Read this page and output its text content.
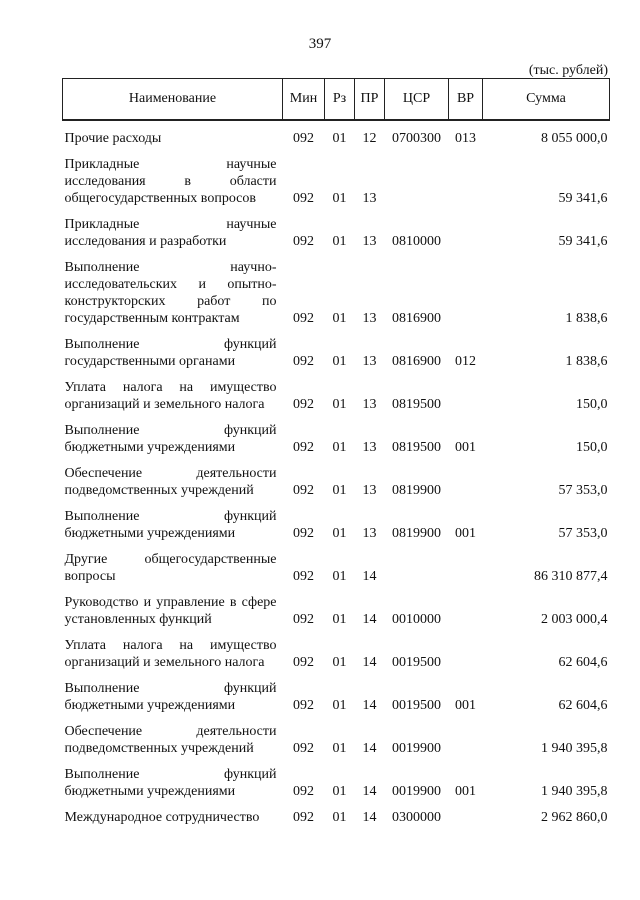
397
(тыс. рублей)
Наименование	Мин	Рз	ПР	ЦСР	ВР	Сумма

Прочие расходы	092	01	12	0700300	013	8 055 000,0
Прикладные научные исследования в области общегосударственных вопросов	092	01	13			59 341,6
Прикладные научные исследования и разработки	092	01	13	0810000		59 341,6
Выполнение научно-исследовательских и опытно-конструкторских работ по государственным контрактам	092	01	13	0816900		1 838,6
Выполнение функций государственными органами	092	01	13	0816900	012	1 838,6
Уплата налога на имущество организаций и земельного налога	092	01	13	0819500		150,0
Выполнение функций бюджетными учреждениями	092	01	13	0819500	001	150,0
Обеспечение деятельности подведомственных учреждений	092	01	13	0819900		57 353,0
Выполнение функций бюджетными учреждениями	092	01	13	0819900	001	57 353,0
Другие общегосударственные вопросы	092	01	14			86 310 877,4
Руководство и управление в сфере установленных функций	092	01	14	0010000		2 003 000,4
Уплата налога на имущество организаций и земельного налога	092	01	14	0019500		62 604,6
Выполнение функций бюджетными учреждениями	092	01	14	0019500	001	62 604,6
Обеспечение деятельности подведомственных учреждений	092	01	14	0019900		1 940 395,8
Выполнение функций бюджетными учреждениями	092	01	14	0019900	001	1 940 395,8
Международное сотрудничество	092	01	14	0300000		2 962 860,0
